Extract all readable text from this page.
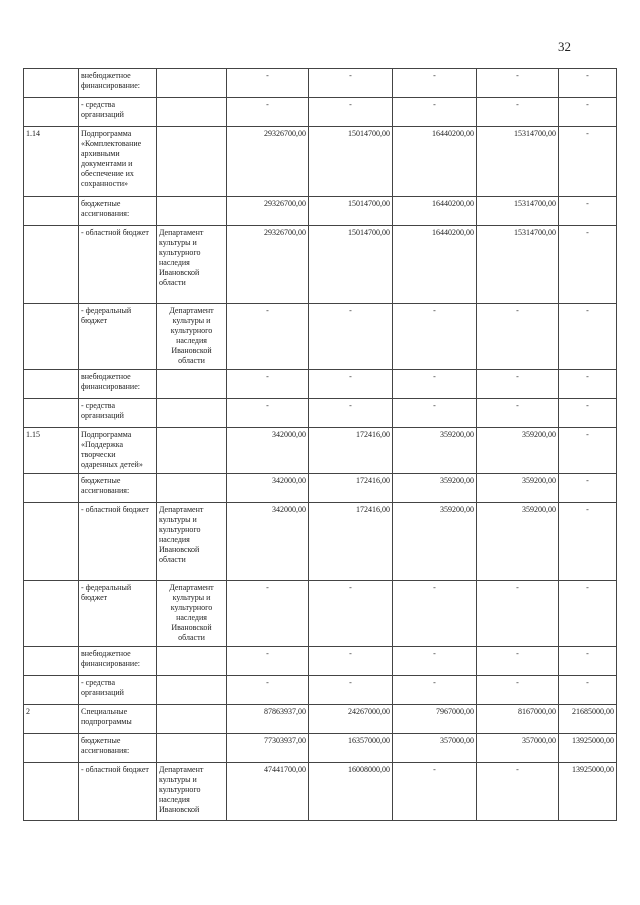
32
	внебюджетное финансирование:		-	-	-	-	-
	- средства организаций		-	-	-	-	-
1.14	Подпрограмма «Комплектование архивными документами и обеспечение их сохранности»		29326700,00	15014700,00	16440200,00	15314700,00	-
	бюджетные ассигнования:		29326700,00	15014700,00	16440200,00	15314700,00	-
	- областной бюджет	Департамент культуры и культурного наследия Ивановской области	29326700,00	15014700,00	16440200,00	15314700,00	-
	- федеральный бюджет	Департамент культуры и культурного наследия Ивановской области	-	-	-	-	-
	внебюджетное финансирование:		-	-	-	-	-
	- средства организаций		-	-	-	-	-
1.15	Подпрограмма «Поддержка творчески одаренных детей»		342000,00	172416,00	359200,00	359200,00	-
	бюджетные ассигнования:		342000,00	172416,00	359200,00	359200,00	-
	- областной бюджет	Департамент культуры и культурного наследия Ивановской области	342000,00	172416,00	359200,00	359200,00	-
	- федеральный бюджет	Департамент культуры и культурного наследия Ивановской области	-	-	-	-	-
	внебюджетное финансирование:		-	-	-	-	-
	- средства организаций		-	-	-	-	-
2	Специальные подпрограммы		87863937,00	24267000,00	7967000,00	8167000,00	21685000,00
	бюджетные ассигнования:		77303937,00	16357000,00	357000,00	357000,00	13925000,00
	- областной бюджет	Департамент культуры и культурного наследия Ивановской	47441700,00	16008000,00	-	-	13925000,00
